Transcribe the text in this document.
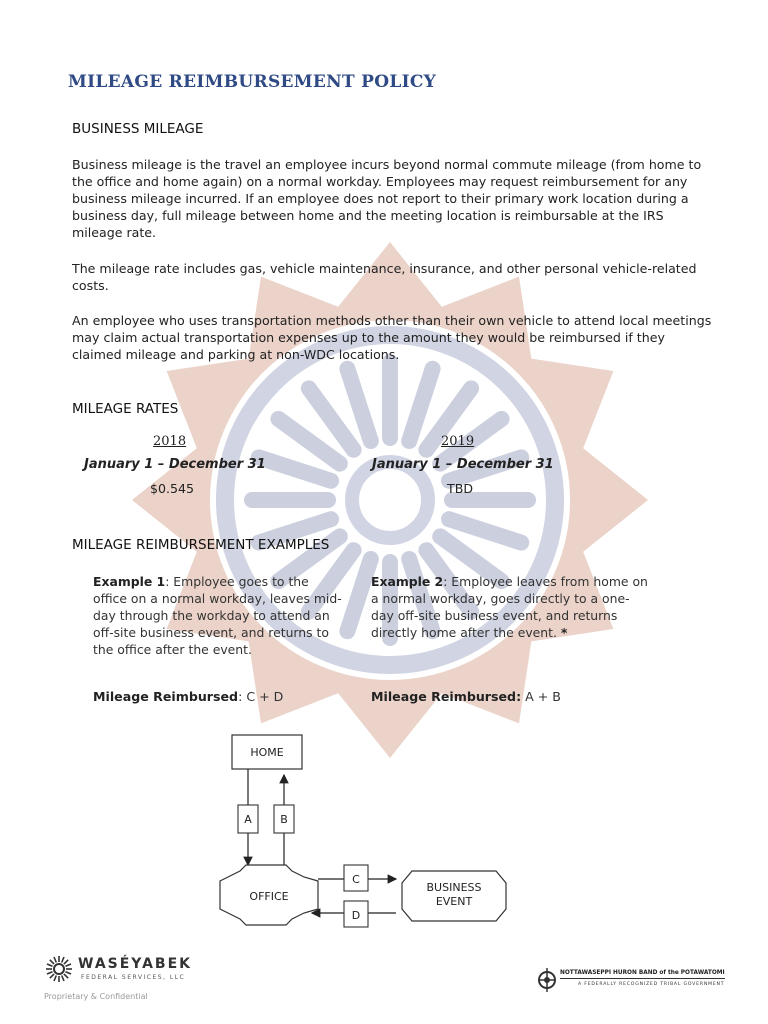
MILEAGE REIMBURSEMENT POLICY
BUSINESS MILEAGE
Business mileage is the travel an employee incurs beyond normal commute mileage (from home to the office and home again) on a normal workday. Employees may request reimbursement for any business mileage incurred. If an employee does not report to their primary work location during a business day, full mileage between home and the meeting location is reimbursable at the IRS mileage rate.
The mileage rate includes gas, vehicle maintenance, insurance, and other personal vehicle-related costs.
An employee who uses transportation methods other than their own vehicle to attend local meetings may claim actual transportation expenses up to the amount they would be reimbursed if they claimed mileage and parking at non-WDC locations.
MILEAGE RATES
2018
January 1 – December 31
$0.545
2019
January 1 – December 31
TBD
MILEAGE REIMBURSEMENT EXAMPLES
Example 1: Employee goes to the office on a normal workday, leaves mid-day through the workday to attend an off-site business event, and returns to the office after the event.
Example 2: Employee leaves from home on a normal workday, goes directly to a one-day off-site business event, and returns directly home after the event. *
Mileage Reimbursed: C + D	Mileage Reimbursed: A + B
HOME
A	B
OFFICE
C
D
BUSINESS
EVENT
WASÉYABEK
FEDERAL SERVICES, LLC
Proprietary & Confidential
NOTTAWASEPPI HURON BAND of the POTAWATOMI
A FEDERALLY RECOGNIZED TRIBAL GOVERNMENT
